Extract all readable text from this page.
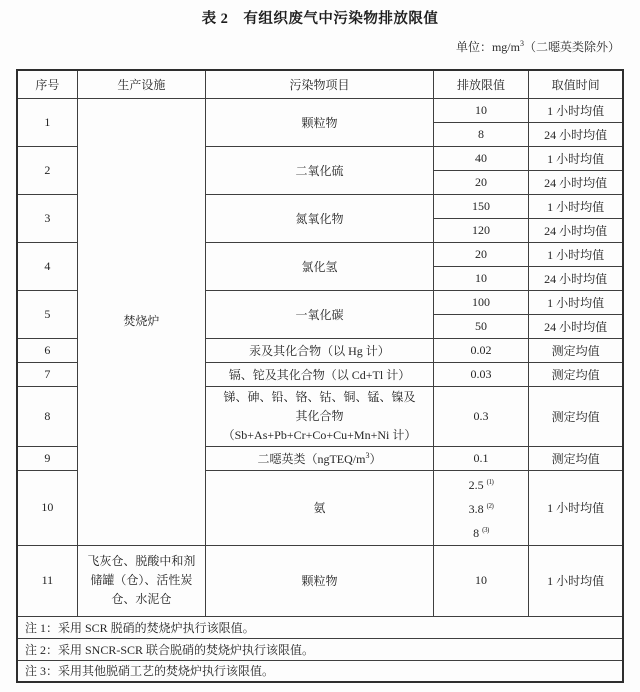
表 2　有组织废气中污染物排放限值
单位：$mg/m^3$（二噁英类除外）
序号	生产设施	污染物项目	排放限值	取值时间
1	焚烧炉	颗粒物	10	1 小时均值
			8	24 小时均值
2		二氧化硫	40	1 小时均值
			20	24 小时均值
3		氮氧化物	150	1 小时均值
			120	24 小时均值
4		氯化氢	20	1 小时均值
			10	24 小时均值
5		一氧化碳	100	1 小时均值
			50	24 小时均值
6		汞及其化合物（以 Hg 计）	0.02	测定均值
7		镉、铊及其化合物（以 Cd+Tl 计）	0.03	测定均值
8		锑、砷、铅、铬、钴、铜、锰、镍及
其化合物
（Sb+As+Pb+Cr+Co+Cu+Mn+Ni 计）	0.3	测定均值
9		二噁英类$(ngTEQ/m^3)$	0.1	测定均值
10		氨	2.5 $^{(1)}$
3.8 $^{(2)}$
8 $^{(3)}$	1 小时均值
11	飞灰仓、脱酸中和剂储罐（仓）、活性炭仓、水泥仓	颗粒物	10	1 小时均值
注 1：采用 SCR 脱硝的焚烧炉执行该限值。				
注 2：采用 SNCR-SCR 联合脱硝的焚烧炉执行该限值。				
注 3：采用其他脱硝工艺的焚烧炉执行该限值。				
